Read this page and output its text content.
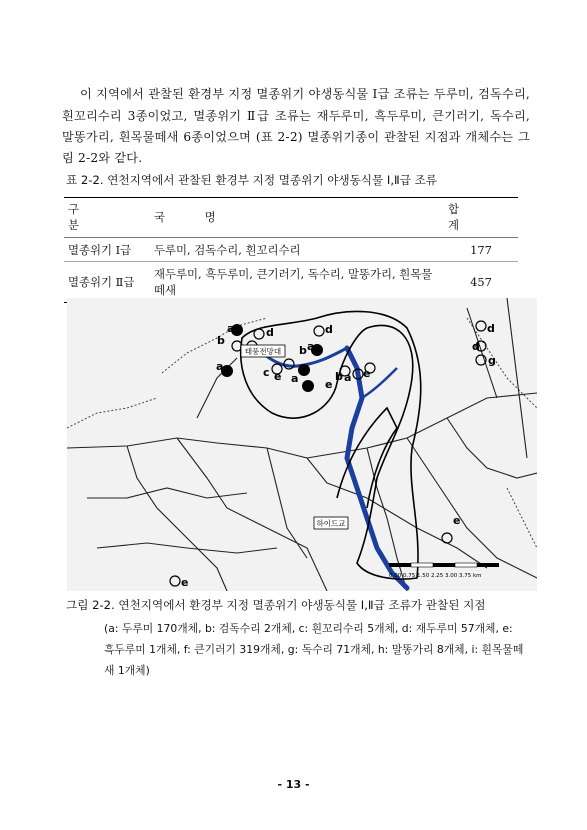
이 지역에서 관찰된 환경부 지정 멸종위기 야생동식물 Ⅰ급 조류는 두루미, 검독수리, 흰꼬리수리 3종이었고, 멸종위기 Ⅱ급 조류는 재두루미, 흑두루미, 큰기러기, 독수리, 말똥가리, 흰목물떼새 6종이었으며 (표 2-2) 멸종위기종이 관찰된 지점과 개체수는 그림 2-2와 같다.

표 2-2. 연천지역에서 관찰된 환경부 지정 멸종위기 야생동식물 Ⅰ,Ⅱ급 조류
구 분	국 명	합 계
멸종위기 Ⅰ급	두루미, 검독수리, 흰꼬리수리	177
멸종위기 Ⅱ급	재두루미, 흑두루미, 큰기러기, 독수리, 말똥가리, 흰목물떼새	457
a	d
b
a
d
b a
c e a	b a e
e
d
d
g
e
e
태풍전망대
하이드교
0.00 0.75 1.50 2.25 3.00 3.75 km
그림 2-2. 연천지역에서 환경부 지정 멸종위기 야생동식물 Ⅰ,Ⅱ급 조류가 관찰된 지점
(a: 두루미 170개체, b: 검독수리 2개체, c: 흰꼬리수리 5개체, d: 재두루미 57개체, e: 흑두루미 1개체, f: 큰기러기 319개체, g: 독수리 71개체, h: 말똥가리 8개체, i: 흰목물떼새 1개체)
- 13 -
